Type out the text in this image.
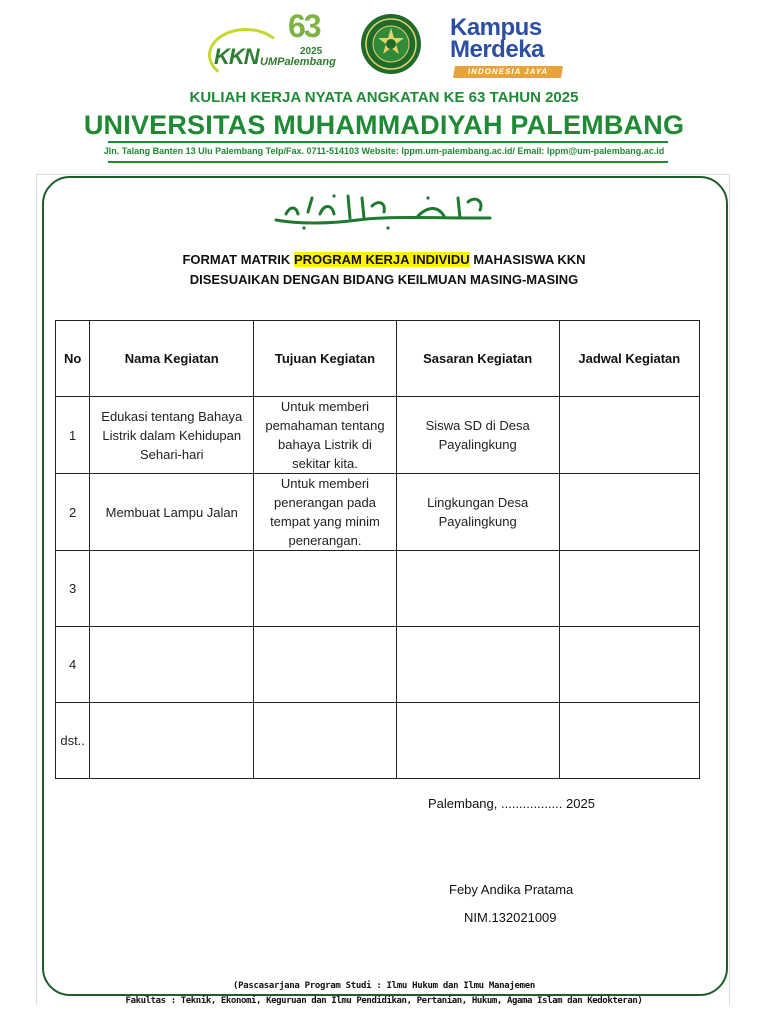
63
2025
KKN UMPalembang
Kampus
Merdeka
INDONESIA JAYA
KULIAH KERJA NYATA ANGKATAN KE 63 TAHUN 2025
UNIVERSITAS MUHAMMADIYAH PALEMBANG
Jln. Talang Banten 13 Ulu Palembang Telp/Fax. 0711-514103 Website: lppm.um-palembang.ac.id/ Email: lppm@um-palembang.ac.id
FORMAT MATRIK PROGRAM KERJA INDIVIDU MAHASISWA KKN
DISESUAIKAN DENGAN BIDANG KEILMUAN MASING-MASING
No	Nama Kegiatan	Tujuan Kegiatan	Sasaran Kegiatan	Jadwal Kegiatan
1	Edukasi tentang Bahaya Listrik dalam Kehidupan Sehari-hari	Untuk memberi pemahaman tentang bahaya Listrik di sekitar kita.	Siswa SD di Desa Payalingkung	
2	Membuat Lampu Jalan	Untuk memberi penerangan pada tempat yang minim penerangan.	Lingkungan Desa Payalingkung	
3				
4				
dst..				
Palembang, ................. 2025
Feby Andika Pratama
NIM.132021009
(Pascasarjana Program Studi : Ilmu Hukum dan Ilmu Manajemen
Fakultas : Teknik, Ekonomi, Keguruan dan Ilmu Pendidikan, Pertanian, Hukum, Agama Islam dan Kedokteran)
